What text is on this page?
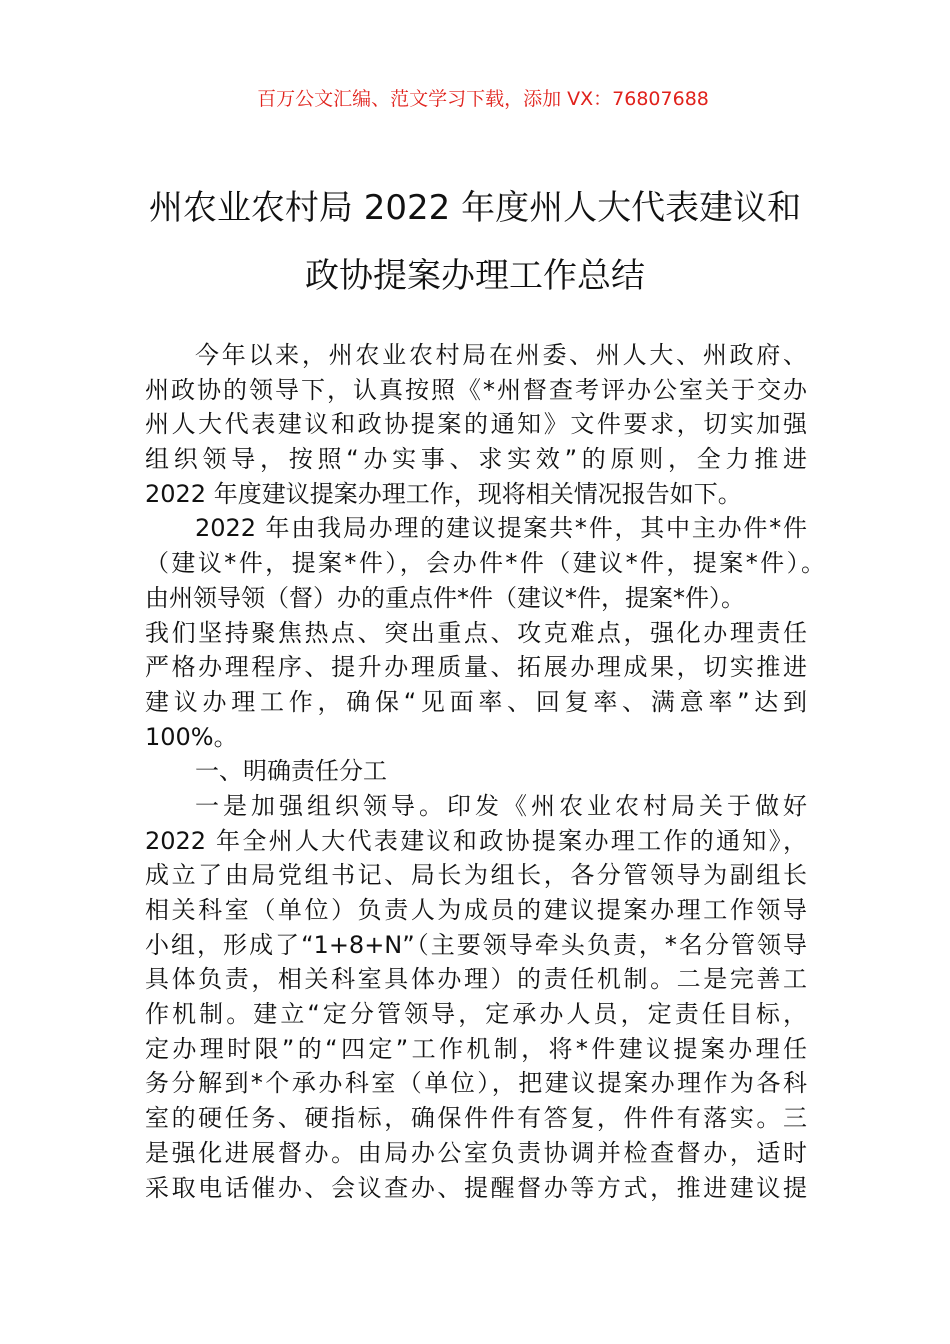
百万公文汇编、范文学习下载，添加 VX：76807688
州农业农村局 2022 年度州人大代表建议和
政协提案办理工作总结
今年以来，州农业农村局在州委、州人大、州政府、
州政协的领导下，认真按照《*州督查考评办公室关于交办
州人大代表建议和政协提案的通知》文件要求，切实加强
组织领导，按照“办实事、求实效”的原则，全力推进
2022 年度建议提案办理工作，现将相关情况报告如下。
2022 年由我局办理的建议提案共*件，其中主办件*件
（建议*件，提案*件），会办件*件（建议*件，提案*件）。
由州领导领（督）办的重点件*件（建议*件，提案*件）。
我们坚持聚焦热点、突出重点、攻克难点，强化办理责任
严格办理程序、提升办理质量、拓展办理成果，切实推进
建议办理工作，确保“见面率、回复率、满意率”达到
100%。
一、明确责任分工
一是加强组织领导。印发《州农业农村局关于做好
2022 年全州人大代表建议和政协提案办理工作的通知》，
成立了由局党组书记、局长为组长，各分管领导为副组长
相关科室（单位）负责人为成员的建议提案办理工作领导
小组，形成了“1+8+N”（主要领导牵头负责，*名分管领导
具体负责，相关科室具体办理）的责任机制。二是完善工
作机制。建立“定分管领导，定承办人员，定责任目标，
定办理时限”的“四定”工作机制，将*件建议提案办理任
务分解到*个承办科室（单位），把建议提案办理作为各科
室的硬任务、硬指标，确保件件有答复，件件有落实。三
是强化进展督办。由局办公室负责协调并检查督办，适时
采取电话催办、会议查办、提醒督办等方式，推进建议提
